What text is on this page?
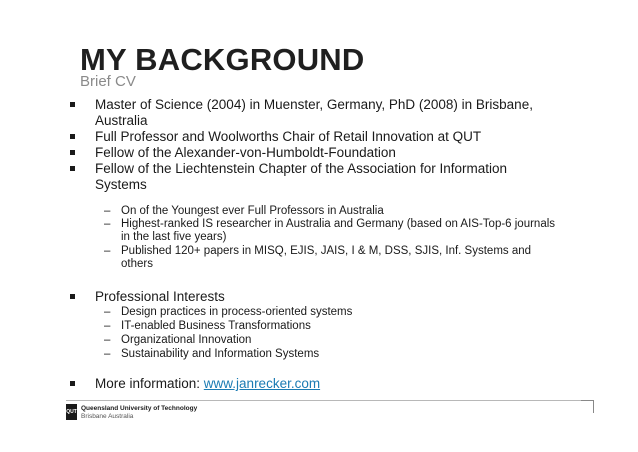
MY BACKGROUND
Brief CV
Master of Science (2004) in Muenster, Germany, PhD (2008) in Brisbane, Australia
Full Professor and Woolworths Chair of Retail Innovation at QUT
Fellow of the Alexander-von-Humboldt-Foundation
Fellow of the Liechtenstein Chapter of the Association for Information Systems
– On of the Youngest ever Full Professors in Australia
– Highest-ranked IS researcher in Australia and Germany (based on AIS-Top-6 journals in the last five years)
– Published 120+ papers in MISQ, EJIS, JAIS, I & M, DSS, SJIS, Inf. Systems and others
Professional Interests
– Design practices in process-oriented systems
– IT-enabled Business Transformations
– Organizational Innovation
– Sustainability and Information Systems
More information: www.janrecker.com
QUT Queensland University of Technology
Brisbane Australia
